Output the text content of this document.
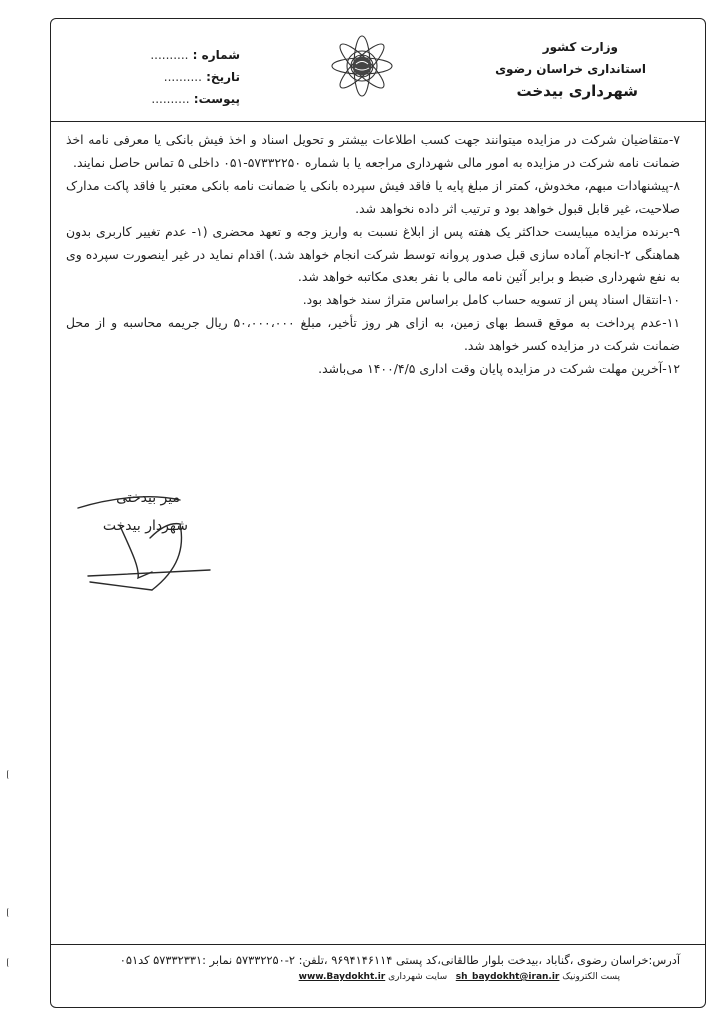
وزارت کشور
استانداری خراسان رضوی
شهرداری بیدخت
شماره : ..........
تاریخ: ..........
پیوست: ..........

۷-متقاضیان شرکت در مزایده میتوانند جهت کسب اطلاعات بیشتر و تحویل اسناد و اخذ فیش بانکی یا معرفی نامه اخذ ضمانت نامه شرکت در مزایده به امور مالی شهرداری مراجعه یا با شماره ۵۷۳۳۲۲۵۰-۰۵۱ داخلی ۵ تماس حاصل نمایند.

۸-پیشنهادات مبهم، مخدوش، کمتر از مبلغ پایه یا فاقد فیش سپرده بانکی یا ضمانت نامه بانکی معتبر یا فاقد پاکت مدارک صلاحیت، غیر قابل قبول خواهد بود و ترتیب اثر داده نخواهد شد.

۹-برنده مزایده میبایست حداکثر یک هفته پس از ابلاغ نسبت به واریز وجه و تعهد محضری (۱- عدم تغییر کاربری بدون هماهنگی ۲-انجام آماده سازی قبل صدور پروانه توسط شرکت انجام خواهد شد.) اقدام نماید در غیر اینصورت سپرده وی به نفع شهرداری ضبط و برابر آئین نامه مالی با نفر بعدی مکاتبه خواهد شد.

۱۰-انتقال اسناد پس از تسویه حساب کامل براساس متراژ سند خواهد بود.

۱۱-عدم پرداخت به موقع قسط بهای زمین، به ازای هر روز تأخیر، مبلغ ۵۰،۰۰۰،۰۰۰ ریال جریمه محاسبه و از محل ضمانت شرکت در مزایده کسر خواهد شد.

۱۲-آخرین مهلت شرکت در مزایده پایان وقت اداری ۱۴۰۰/۴/۵ می‌باشد.

میر بیدختی
شهردار بیدخت
آدرس:خراسان رضوی ،گناباد ،بیدخت بلوار طالقانی،کد پستی ۹۶۹۴۱۴۶۱۱۴ ،تلفن: ۲-۵۷۳۳۲۲۵۰ نمابر :۵۷۳۳۲۳۳۱ کد۰۵۱
پست الکترونیک sh_baydokht@iran.ir   سایت شهرداری www.Baydokht.ir
